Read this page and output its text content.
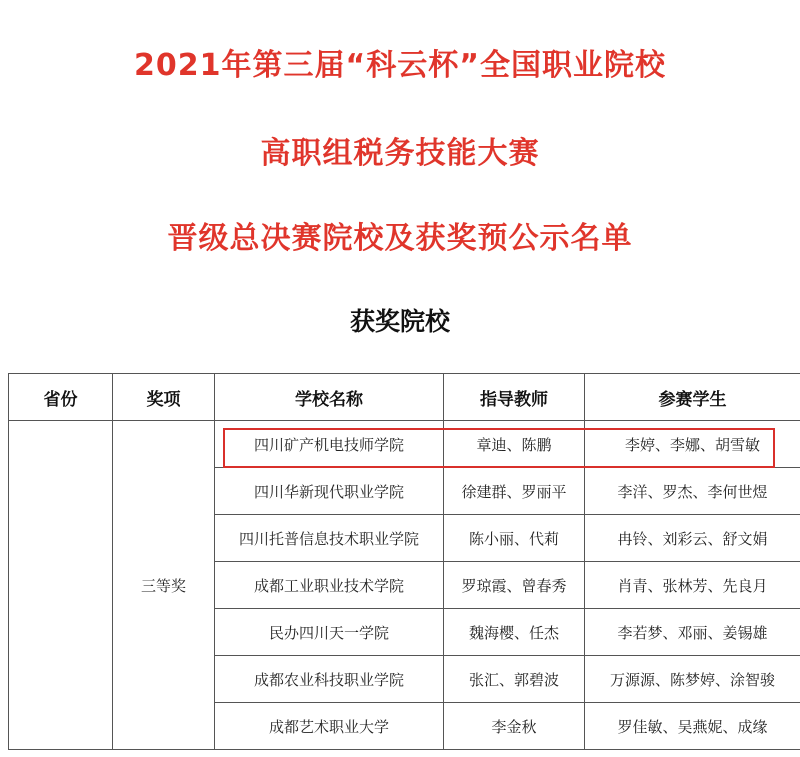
2021年第三届“科云杯”全国职业院校
高职组税务技能大赛
晋级总决赛院校及获奖预公示名单
获奖院校
省份	奖项	学校名称	指导教师	参赛学生
	三等奖	四川矿产机电技师学院	章迪、陈鹏	李婷、李娜、胡雪敏
		四川华新现代职业学院	徐建群、罗丽平	李洋、罗杰、李何世煜
		四川托普信息技术职业学院	陈小丽、代莉	冉铃、刘彩云、舒文娟
		成都工业职业技术学院	罗琼霞、曾春秀	肖青、张林芳、先良月
		民办四川天一学院	魏海樱、任杰	李若梦、邓丽、姜锡雄
		成都农业科技职业学院	张汇、郭碧波	万源源、陈梦婷、涂智骏
		成都艺术职业大学	李金秋	罗佳敏、吴燕妮、成缘
